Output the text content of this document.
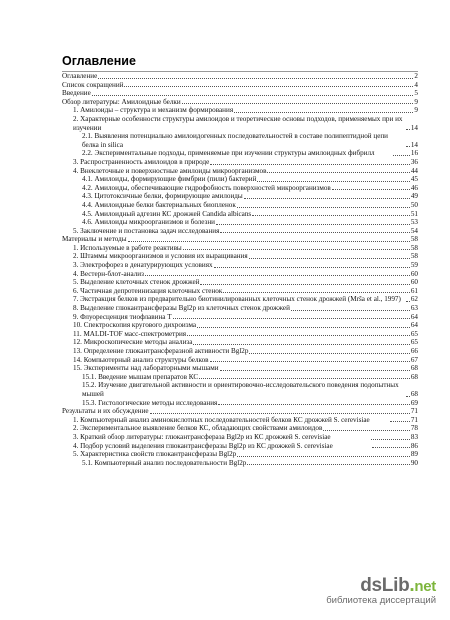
Оглавление
Оглавление	2
Список сокращений	4
Введение	5
Обзор литературы: Амилоидные белки	9
1. Амилоиды – структура и механизм формирования	9
2. Характерные особенности структуры амилоидов и теоретические основы подходов, применяемых при их изучении	14
2.1. Выявления потенциально амилоидогенных последовательностей в составе полипептидной цепи белка in silica	14
2.2. Экспериментальные подходы, применяемые при изучении структуры амилоидных фибрилл	16
3. Распространенность амилоидов в природе	36
4. Внеклеточные и поверхностные амилоиды микроорганизмов	44
4.1. Амилоиды, формирующие фимбрии (пили) бактерий	45
4.2. Амилоиды, обеспечивающие гидрофобность поверхностей микроорганизмов	46
4.3. Цитотоксичные белки, формирующие амилоиды	49
4.4. Амилоидные белки бактериальных биопленок	50
4.5. Амилоидный адгезин КС дрожжей Candida albicans	51
4.6. Амилоиды микроорганизмов и болезни	53
5. Заключение и постановка задач исследования	54
Материалы и методы	58
1. Используемые в работе реактивы	58
2. Штаммы микроорганизмов и условия их выращивания	58
3. Электрофорез в денатурирующих условиях	59
4. Вестерн-блот-анализ	60
5. Выделение клеточных стенок дрожжей	60
6. Частичная депротеинизация клеточных стенок	61
7. Экстракция белков из предварительно биотинилированных клеточных стенок дрожжей (Mrša et al., 1997)	62
8. Выделение глюкантрансферазы Bgl2p из клеточных стенок дрожжей	63
9. Флуоресценция тиофлавина Т	64
10. Спектроскопия кругового дихроизма	64
11. MALDI-TOF масс-спектрометрия	65
12. Микроскопические методы анализа	65
13. Определение глюкантрансферазной активности Bgl2p	66
14. Компьютерный анализ структуры белков	67
15. Эксперименты над лабораторными мышами	68
15.1. Введение мышам препаратов КС	68
15.2. Изучение двигательной активности и ориентировочно-исследовательского поведения подопытных мышей	68
15.3. Гистологические методы исследования	69
Результаты и их обсуждение	71
1. Компьютерный анализ аминокислотных последовательностей белков КС дрожжей S. cerevisiae	71
2. Экспериментальное выявление белков КС, обладающих свойствами амилоидов	78
3. Краткий обзор литературы: глюкантрансфераза Bgl2p из КС дрожжей S. cerevisiae	83
4. Подбор условий выделения глюкантрансферазы Bgl2p из КС дрожжей S. cerevisiae	86
5. Характеристика свойств глюкантрансферазы Bgl2p	89
5.1. Компьютерный анализ последовательности Bgl2p	90
dsLib.net
библиотека диссертаций
